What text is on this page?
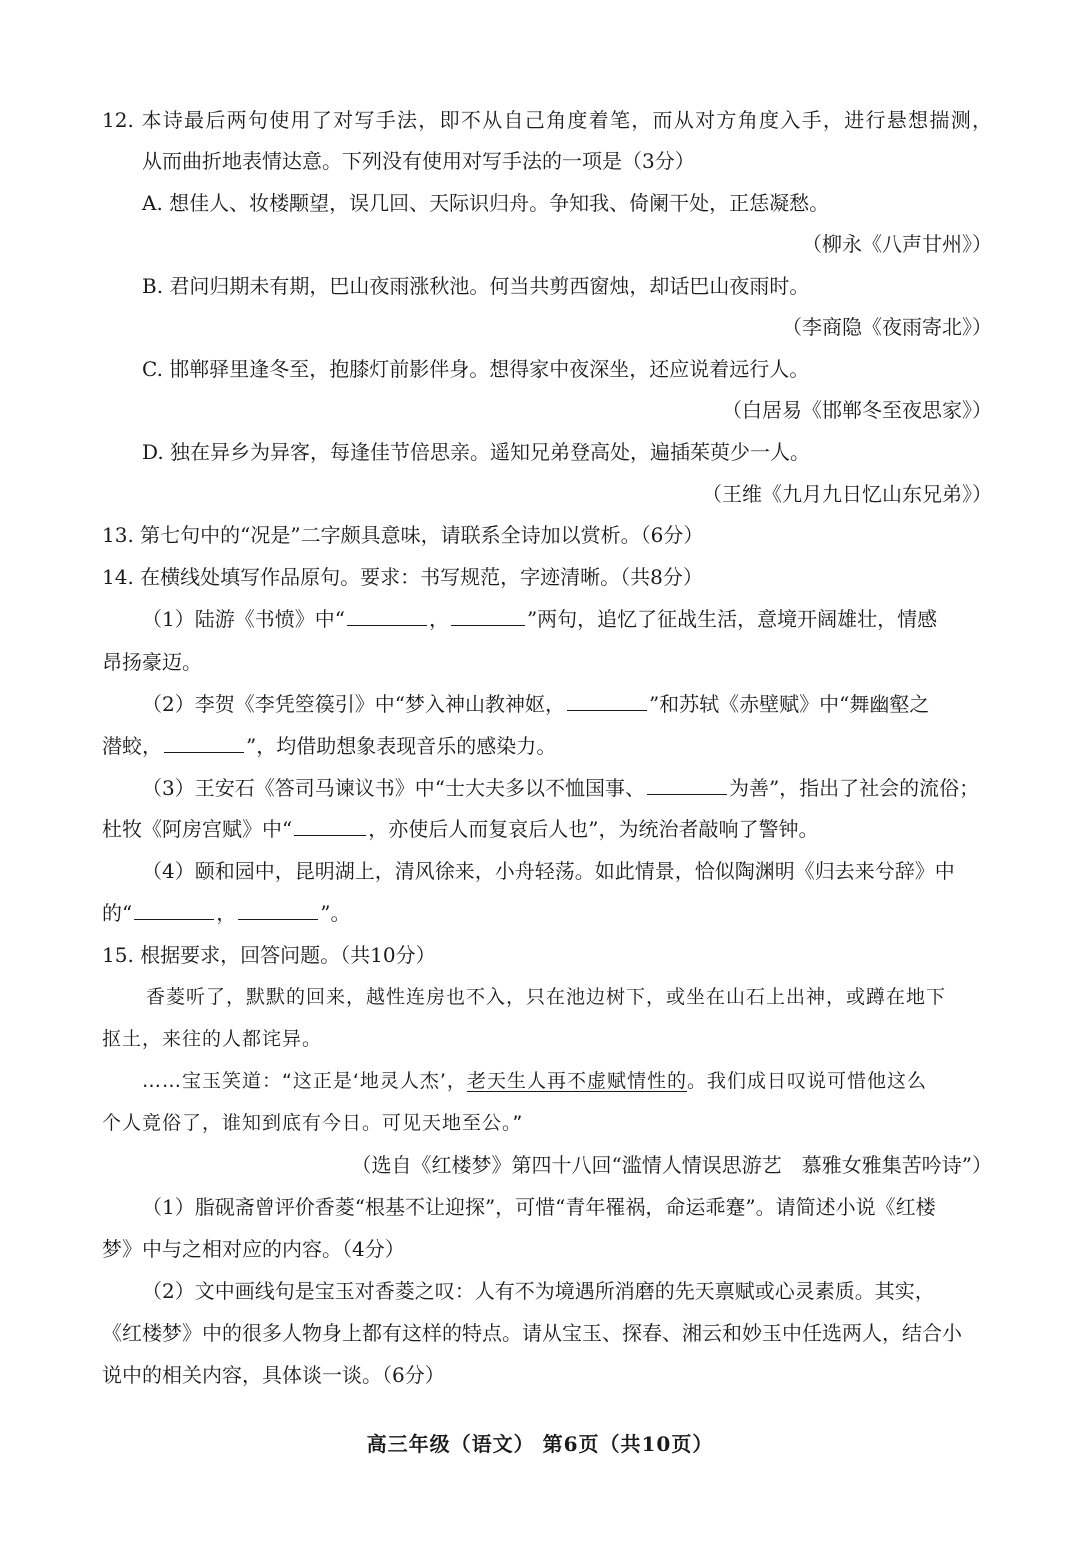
12. 本诗最后两句使用了对写手法，即不从自己角度着笔，而从对方角度入手，进行悬想揣测，
从而曲折地表情达意。下列没有使用对写手法的一项是（3分）
A. 想佳人、妆楼颙望，误几回、天际识归舟。争知我、倚阑干处，正恁凝愁。
（柳永《八声甘州》）
B. 君问归期未有期，巴山夜雨涨秋池。何当共剪西窗烛，却话巴山夜雨时。
（李商隐《夜雨寄北》）
C. 邯郸驿里逢冬至，抱膝灯前影伴身。想得家中夜深坐，还应说着远行人。
（白居易《邯郸冬至夜思家》）
D. 独在异乡为异客，每逢佳节倍思亲。遥知兄弟登高处，遍插茱萸少一人。
（王维《九月九日忆山东兄弟》）
13. 第七句中的“况是”二字颇具意味，请联系全诗加以赏析。（6分）
14. 在横线处填写作品原句。要求：书写规范，字迹清晰。（共8分）
（1）陆游《书愤》中“	，	”两句，追忆了征战生活，意境开阔雄壮，情感
昂扬豪迈。
（2）李贺《李凭箜篌引》中“梦入神山教神妪，	”和苏轼《赤壁赋》中“舞幽壑之
潜蛟，	”，均借助想象表现音乐的感染力。
（3）王安石《答司马谏议书》中“士大夫多以不恤国事、	为善”，指出了社会的流俗；
杜牧《阿房宫赋》中“	，亦使后人而复哀后人也”，为统治者敲响了警钟。
（4）颐和园中，昆明湖上，清风徐来，小舟轻荡。如此情景，恰似陶渊明《归去来兮辞》中
的“	，	”。
15. 根据要求，回答问题。（共10分）
香菱听了，默默的回来，越性连房也不入，只在池边树下，或坐在山石上出神，或蹲在地下
抠土，来往的人都诧异。
……宝玉笑道：“这正是‘地灵人杰’，老天生人再不虚赋情性的。我们成日叹说可惜他这么
个人竟俗了，谁知到底有今日。可见天地至公。”
（选自《红楼梦》第四十八回“滥情人情误思游艺　慕雅女雅集苦吟诗”）
（1）脂砚斋曾评价香菱“根基不让迎探”，可惜“青年罹祸，命运乖蹇”。请简述小说《红楼
梦》中与之相对应的内容。（4分）
（2）文中画线句是宝玉对香菱之叹：人有不为境遇所消磨的先天禀赋或心灵素质。其实，
《红楼梦》中的很多人物身上都有这样的特点。请从宝玉、探春、湘云和妙玉中任选两人，结合小
说中的相关内容，具体谈一谈。（6分）
高三年级（语文） 第6页（共10页）
